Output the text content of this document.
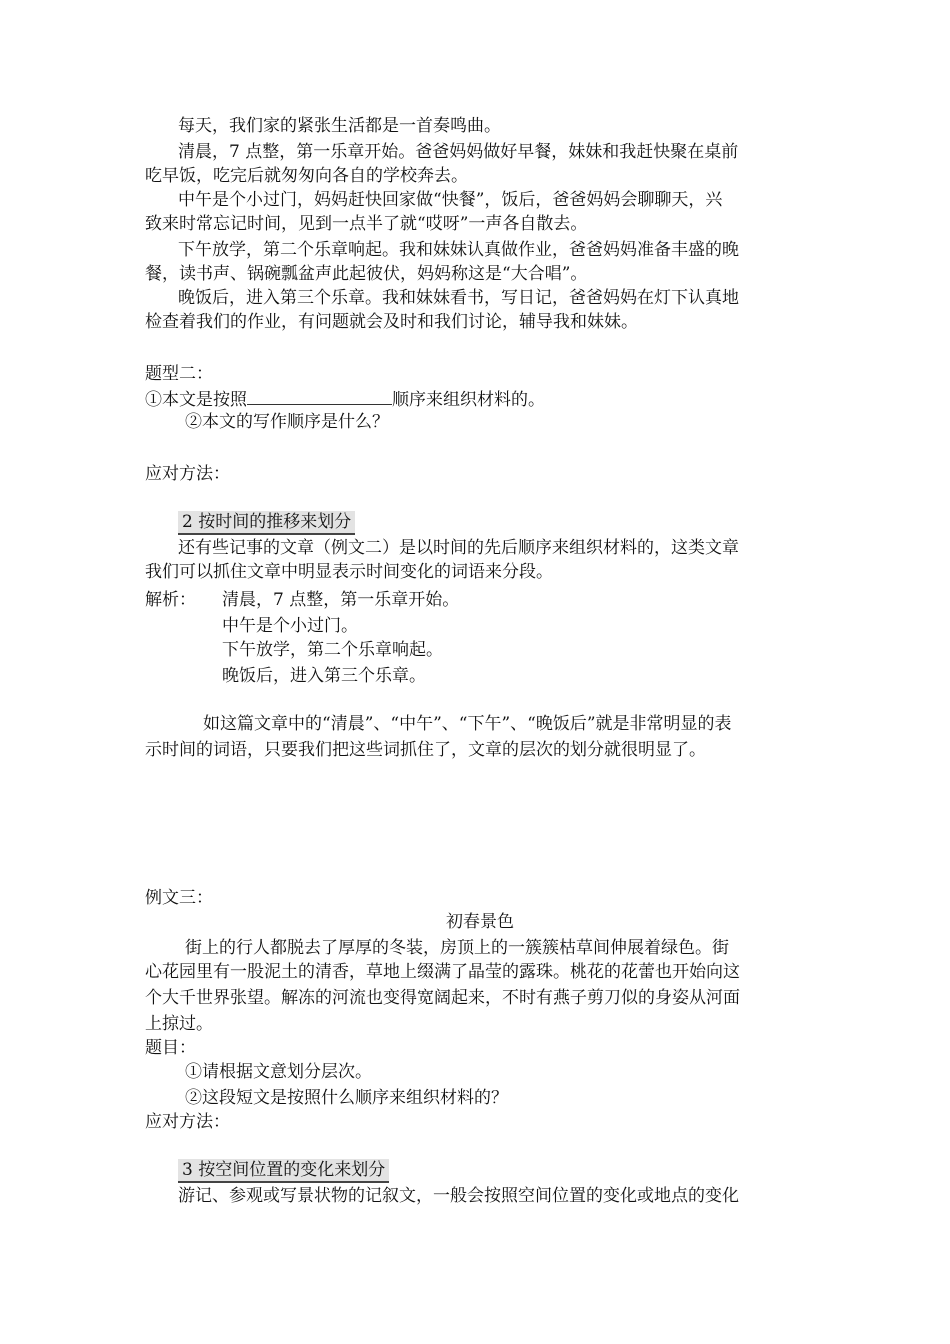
每天，我们家的紧张生活都是一首奏鸣曲。
清晨，7 点整，第一乐章开始。爸爸妈妈做好早餐，妹妹和我赶快聚在桌前
吃早饭，吃完后就匆匆向各自的学校奔去。
中午是个小过门，妈妈赶快回家做“快餐”，饭后，爸爸妈妈会聊聊天，兴
致来时常忘记时间，见到一点半了就“哎呀”一声各自散去。
下午放学，第二个乐章响起。我和妹妹认真做作业，爸爸妈妈准备丰盛的晚
餐，读书声、锅碗瓢盆声此起彼伏，妈妈称这是“大合唱”。
晚饭后，进入第三个乐章。我和妹妹看书，写日记，爸爸妈妈在灯下认真地
检查着我们的作业，有问题就会及时和我们讨论，辅导我和妹妹。
题型二：
①本文是按照	顺序来组织材料的。
②本文的写作顺序是什么？
应对方法：
2 按时间的推移来划分
还有些记事的文章（例文二）是以时间的先后顺序来组织材料的，这类文章
我们可以抓住文章中明显表示时间变化的词语来分段。
解析： 清晨，7 点整，第一乐章开始。
中午是个小过门。
下午放学，第二个乐章响起。
晚饭后，进入第三个乐章。
如这篇文章中的“清晨”、“中午”、“下午”、“晚饭后”就是非常明显的表
示时间的词语，只要我们把这些词抓住了，文章的层次的划分就很明显了。
例文三：
初春景色
街上的行人都脱去了厚厚的冬装，房顶上的一簇簇枯草间伸展着绿色。街
心花园里有一股泥土的清香，草地上缀满了晶莹的露珠。桃花的花蕾也开始向这
个大千世界张望。解冻的河流也变得宽阔起来，不时有燕子剪刀似的身姿从河面
上掠过。
题目：
①请根据文意划分层次。
②这段短文是按照什么顺序来组织材料的？
应对方法：
3 按空间位置的变化来划分
游记、参观或写景状物的记叙文，一般会按照空间位置的变化或地点的变化
